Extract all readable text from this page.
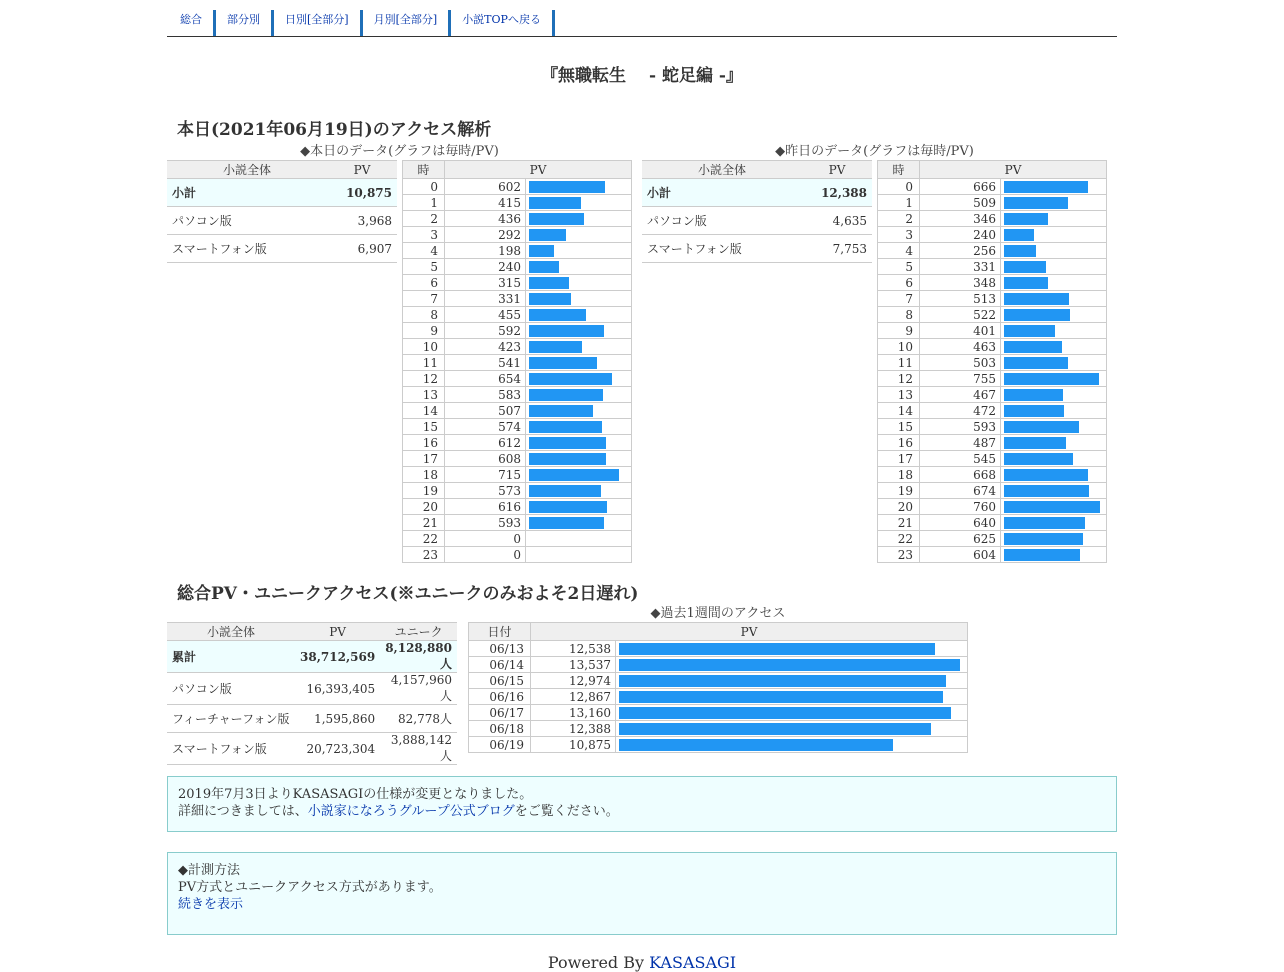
総合	部分別	日別[全部分]	月別[全部分]	小説TOPへ戻る
『無職転生　 - 蛇足編 -』
本日(2021年06月19日)のアクセス解析
◆本日のデータ(グラフは毎時/PV)
小説全体	PV
小計	10,875
パソコン版	3,968
スマートフォン版	6,907
時	PV	
0	602	

1	415	

2	436	

3	292	

4	198	

5	240	

6	315	

7	331	

8	455	

9	592	

10	423	

11	541	

12	654	

13	583	

14	507	

15	574	

16	612	

17	608	

18	715	

19	573	

20	616	

21	593	

22	0	

23	0	
◆昨日のデータ(グラフは毎時/PV)
小説全体	PV
小計	12,388
パソコン版	4,635
スマートフォン版	7,753
時	PV	
0	666	

1	509	

2	346	

3	240	

4	256	

5	331	

6	348	

7	513	

8	522	

9	401	

10	463	

11	503	

12	755	

13	467	

14	472	

15	593	

16	487	

17	545	

18	668	

19	674	

20	760	

21	640	

22	625	

23	604	
総合PV・ユニークアクセス(※ユニークのみおよそ2日遅れ)
小説全体	PV	ユニーク
累計	38,712,569	8,128,880人
パソコン版	16,393,405	4,157,960人
フィーチャーフォン版	1,595,860	82,778人
スマートフォン版	20,723,304	3,888,142人
◆過去1週間のアクセス
日付	PV	
06/13	12,538	

06/14	13,537	

06/15	12,974	

06/16	12,867	

06/17	13,160	

06/18	12,388	

06/19	10,875	
2019年7月3日よりKASASAGIの仕様が変更となりました。
詳細につきましては、小説家になろうグループ公式ブログをご覧ください。
◆計測方法
PV方式とユニークアクセス方式があります。
続きを表示
Powered By KASASAGI
